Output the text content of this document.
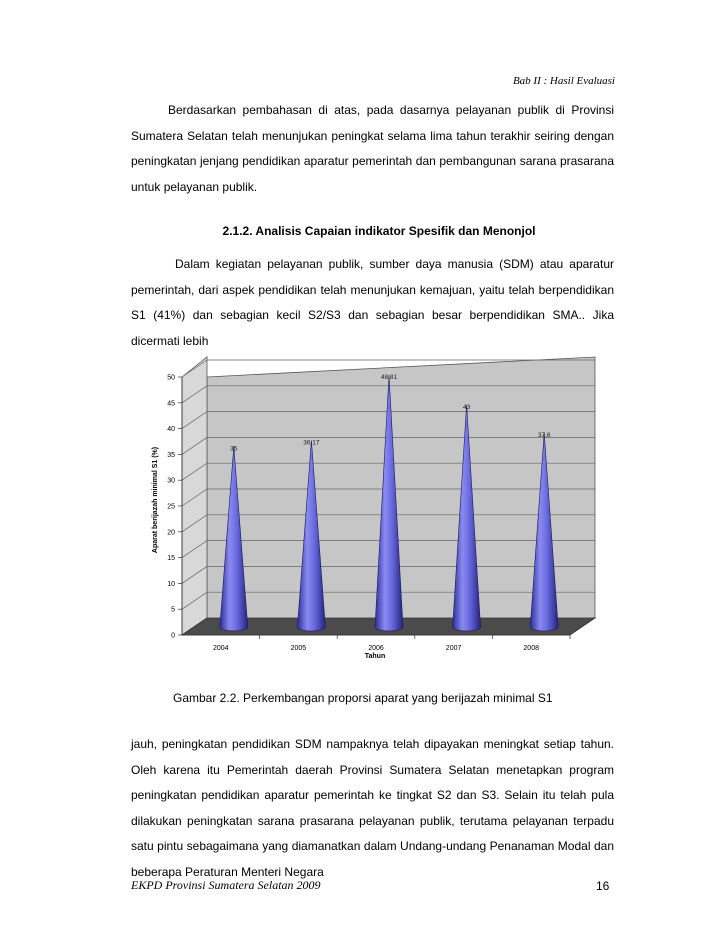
Bab II : Hasil Evaluasi
Berdasarkan pembahasan di atas, pada dasarnya pelayanan publik di Provinsi Sumatera Selatan telah menunjukan peningkat selama lima tahun terakhir seiring dengan peningkatan jenjang pendidikan aparatur pemerintah dan pembangunan sarana prasarana untuk pelayanan publik.
2.1.2. Analisis Capaian indikator Spesifik dan Menonjol
Dalam kegiatan pelayanan publik, sumber daya manusia (SDM) atau aparatur pemerintah, dari aspek pendidikan telah menunjukan kemajuan, yaitu telah berpendidikan S1 (41%) dan sebagian kecil S2/S3 dan sebagian besar berpendidikan SMA.. Jika dicermati lebih
0
5
10
15
20
25
30
35
40
45
50
35
36,17
48,81
43
37,6
2004	2005	2006	2007	2008
Tahun
Aparat berijazah minimal S1 (%)
Gambar 2.2. Perkembangan proporsi aparat yang berijazah minimal S1
jauh, peningkatan pendidikan SDM nampaknya telah dipayakan meningkat setiap tahun. Oleh karena itu Pemerintah daerah Provinsi Sumatera Selatan menetapkan program peningkatan pendidikan aparatur pemerintah ke tingkat S2 dan S3. Selain itu telah pula dilakukan peningkatan sarana prasarana pelayanan publik, terutama pelayanan terpadu satu pintu sebagaimana yang diamanatkan dalam Undang-undang Penanaman Modal dan beberapa Peraturan Menteri Negara
EKPD Provinsi Sumatera Selatan 2009	16
